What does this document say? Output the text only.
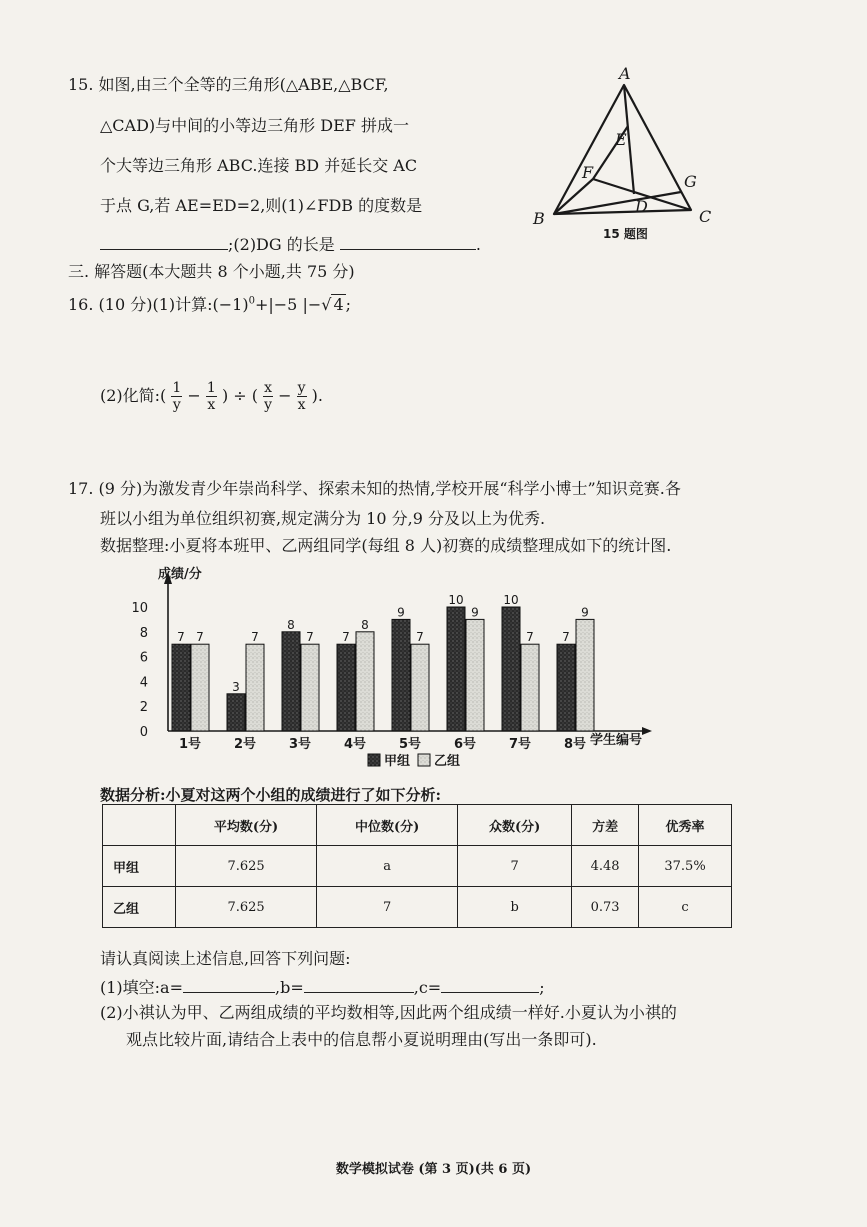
15. 如图,由三个全等的三角形(△ABE,△BCF,
△CAD)与中间的小等边三角形 DEF 拼成一
个大等边三角形 ABC.连接 BD 并延长交 AC
于点 G,若 AE=ED=2,则(1)∠FDB 的度数是
;(2)DG 的长是	.
A
B	C
D
E
F	G
15 题图
三. 解答题(本大题共 8 个小题,共 75 分)
16. (10 分)(1)计算$:(-1)^0+|-5$ |−√ 4 ;
(2)化简:( $\frac{1}{y} - \frac{1}{x}$ ) ÷ ( $\frac{x}{y} - \frac{y}{x}$ ).
17. (9 分)为激发青少年崇尚科学、探索未知的热情,学校开展“科学小博士”知识竞赛.各
班以小组为单位组织初赛,规定满分为 10 分,9 分及以上为优秀.
数据整理:小夏将本班甲、乙两组同学(每组 8 人)初赛的成绩整理成如下的统计图.
成绩/分
学生编号
0
2
4
6
8
10
7 7
1号
3
7
2号
8
7
3号
7
8
4号
9
7
5号
10
9
6号
10
7
7号
7
9
8号
甲组 乙组
数据分析:小夏对这两个小组的成绩进行了如下分析:
	平均数(分)	中位数(分)	众数(分)	方差	优秀率
甲组	7.625	a	7	4.48	37.5%
乙组	7.625	7	b	0.73	c
请认真阅读上述信息,回答下列问题:
(1)填空:a=	,b=	,c=	;
(2)小祺认为甲、乙两组成绩的平均数相等,因此两个组成绩一样好.小夏认为小祺的
观点比较片面,请结合上表中的信息帮小夏说明理由(写出一条即可).
数学模拟试卷 (第 3 页)(共 6 页)
